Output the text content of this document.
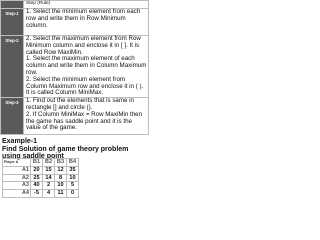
	Step (Rule)
Step-1	1. Select the minimum element from each row and write them in Row Minimum column.
Step-2	2. Select the maximum element from Row Minimum column and enclose it in [ ]. It is called Row MaxiMin.
1. Select the maximum element of each column and write them in Column Maximum row.
2. Select the minimum element from Column Maximum row and enclose it in ( ). It is called Column MiniMax.
Step-3	1. Find out the elements that is same in rectangle [] and circle ().
2. If Column MiniMax = Row MaxiMin then the game has saddle point and it is the value of the game.
Example-1
Find Solution of game theory problem using saddle point
Player A	B1	B2	B3	B4
A1	20	15	12	35
A2	25	14	8	10
A3	40	2	10	5
A4	-5	4	11	0
